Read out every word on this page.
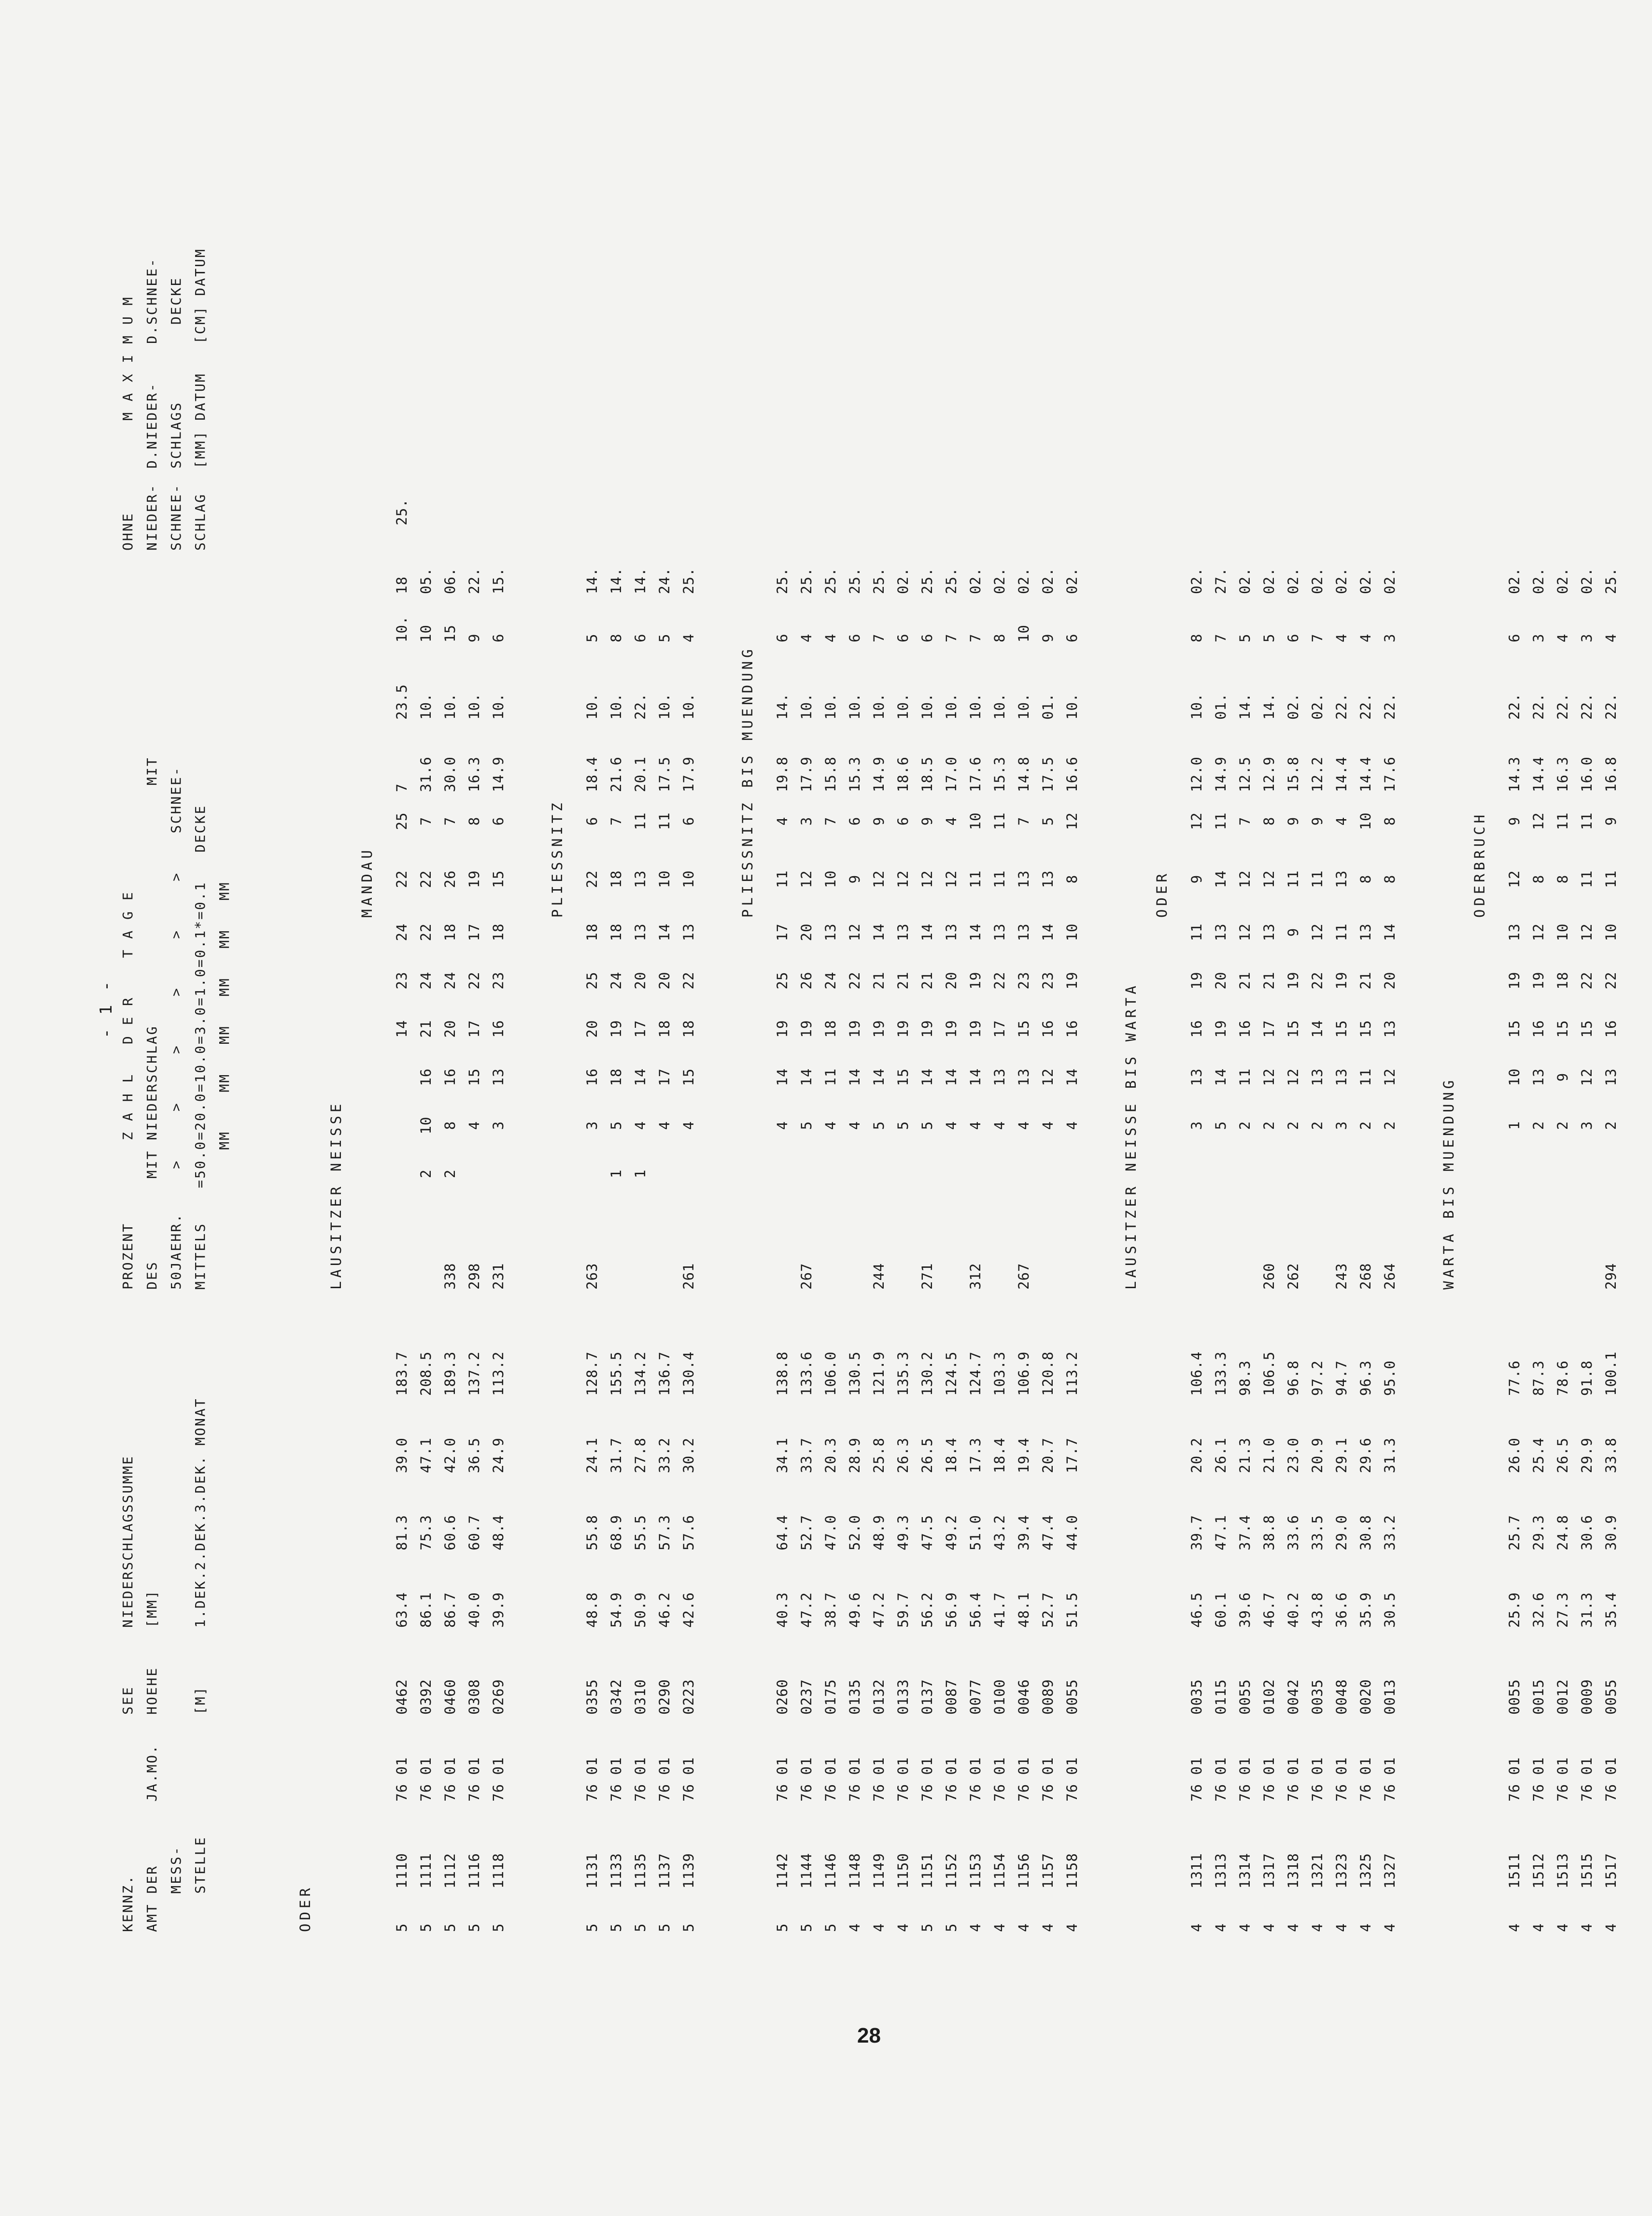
28
- 1 -
KENNZ.
AMT DER
MESS-
STELLE
JA.MO.
SEE
HOEHE

[M]
NIEDERSCHLAGSSUMME
[MM]

1.DEK.2.DEK.3.DEK. MONAT
PROZENT
DES
50JAEHR.
MITTELS
Z A H L   D E R    T A G E
MIT NIEDERSCHLAG                         MIT
>     >     >     >     >     >    SCHNEE-
=50.0=20.0=10.0=3.0=1.0=0.1*=0.1   DECKE
MM    MM   MM   MM   MM   MM
OHNE
NIEDER-
SCHNEE-
SCHLAG
M A X I M U M
D.NIEDER-    D.SCHNEE-
SCHLAGS        DECKE
[MM] DATUM   [CM] DATUM
ODER
LAUSITZER NEISSE
MANDAU
5
1110
76 01
0462
63.4
81.3
39.0
183.7
14
23
24
22
25
7
23.5
10.
18
25.
5
1111
76 01
0392
86.1
75.3
47.1
208.5
2
10
16
21
24
22
22
7
31.6
10.
10
05.
5
1112
76 01
0460
86.7
60.6
42.0
189.3
338
2
8
16
20
24
18
26
7
30.0
10.
15
06.
5
1116
76 01
0308
40.0
60.7
36.5
137.2
298
4
15
17
22
17
19
8
16.3
10.
9
22.
5
1118
76 01
0269
39.9
48.4
24.9
113.2
231
3
13
16
23
18
15
6
14.9
10.
6
15.
PLIESSNITZ
5
1131
76 01
0355
48.8
55.8
24.1
128.7
263
3
16
20
25
18
22
6
18.4
10.
5
14.
5
1133
76 01
0342
54.9
68.9
31.7
155.5
1
5
18
19
24
18
18
7
21.6
10.
8
14.
5
1135
76 01
0310
50.9
55.5
27.8
134.2
1
4
14
17
20
13
13
11
20.1
22.
6
14.
5
1137
76 01
0290
46.2
57.3
33.2
136.7
4
17
18
20
14
10
11
17.5
10.
5
24.
5
1139
76 01
0223
42.6
57.6
30.2
130.4
261
4
15
18
22
13
10
6
17.9
10.
4
25.
PLIESSNITZ BIS MUENDUNG
5
1142
76 01
0260
40.3
64.4
34.1
138.8
4
14
19
25
17
11
4
19.8
14.
6
25.
5
1144
76 01
0237
47.2
52.7
33.7
133.6
267
5
14
19
26
20
12
3
17.9
10.
4
25.
5
1146
76 01
0175
38.7
47.0
20.3
106.0
4
11
18
24
13
10
7
15.8
10.
4
25.
4
1148
76 01
0135
49.6
52.0
28.9
130.5
4
14
19
22
12
9
6
15.3
10.
6
25.
4
1149
76 01
0132
47.2
48.9
25.8
121.9
244
5
14
19
21
14
12
9
14.9
10.
7
25.
4
1150
76 01
0133
59.7
49.3
26.3
135.3
5
15
19
21
13
12
6
18.6
10.
6
02.
5
1151
76 01
0137
56.2
47.5
26.5
130.2
271
5
14
19
21
14
12
9
18.5
10.
6
25.
5
1152
76 01
0087
56.9
49.2
18.4
124.5
4
14
19
20
13
12
4
17.0
10.
7
25.
4
1153
76 01
0077
56.4
51.0
17.3
124.7
312
4
14
19
19
14
11
10
17.6
10.
7
02.
4
1154
76 01
0100
41.7
43.2
18.4
103.3
4
13
17
22
13
11
11
15.3
10.
8
02.
4
1156
76 01
0046
48.1
39.4
19.4
106.9
267
4
13
15
23
13
13
7
14.8
10.
10
02.
4
1157
76 01
0089
52.7
47.4
20.7
120.8
4
12
16
23
14
13
5
17.5
01.
9
02.
4
1158
76 01
0055
51.5
44.0
17.7
113.2
4
14
16
19
10
8
12
16.6
10.
6
02.
LAUSITZER NEISSE BIS WARTA
ODER
4
1311
76 01
0035
46.5
39.7
20.2
106.4
3
13
16
19
11
9
12
12.0
10.
8
02.
4
1313
76 01
0115
60.1
47.1
26.1
133.3
5
14
19
20
13
14
11
14.9
01.
7
27.
4
1314
76 01
0055
39.6
37.4
21.3
98.3
2
11
16
21
12
12
7
12.5
14.
5
02.
4
1317
76 01
0102
46.7
38.8
21.0
106.5
260
2
12
17
21
13
12
8
12.9
14.
5
02.
4
1318
76 01
0042
40.2
33.6
23.0
96.8
262
2
12
15
19
9
11
9
15.8
02.
6
02.
4
1321
76 01
0035
43.8
33.5
20.9
97.2
2
13
14
22
12
11
9
12.2
02.
7
02.
4
1323
76 01
0048
36.6
29.0
29.1
94.7
243
3
13
15
19
11
13
4
14.4
22.
4
02.
4
1325
76 01
0020
35.9
30.8
29.6
96.3
268
2
11
15
21
13
8
10
14.4
22.
4
02.
4
1327
76 01
0013
30.5
33.2
31.3
95.0
264
2
12
13
20
14
8
8
17.6
22.
3
02.
WARTA BIS MUENDUNG
ODERBRUCH
4
1511
76 01
0055
25.9
25.7
26.0
77.6
1
10
15
19
13
12
9
14.3
22.
6
02.
4
1512
76 01
0015
32.6
29.3
25.4
87.3
2
13
16
19
12
8
12
14.4
22.
3
02.
4
1513
76 01
0012
27.3
24.8
26.5
78.6
2
9
15
18
10
8
11
16.3
22.
4
02.
4
1515
76 01
0009
31.3
30.6
29.9
91.8
3
12
15
22
12
11
11
16.0
22.
3
02.
4
1517
76 01
0055
35.4
30.9
33.8
100.1
294
2
13
16
22
10
11
9
16.8
22.
4
25.
